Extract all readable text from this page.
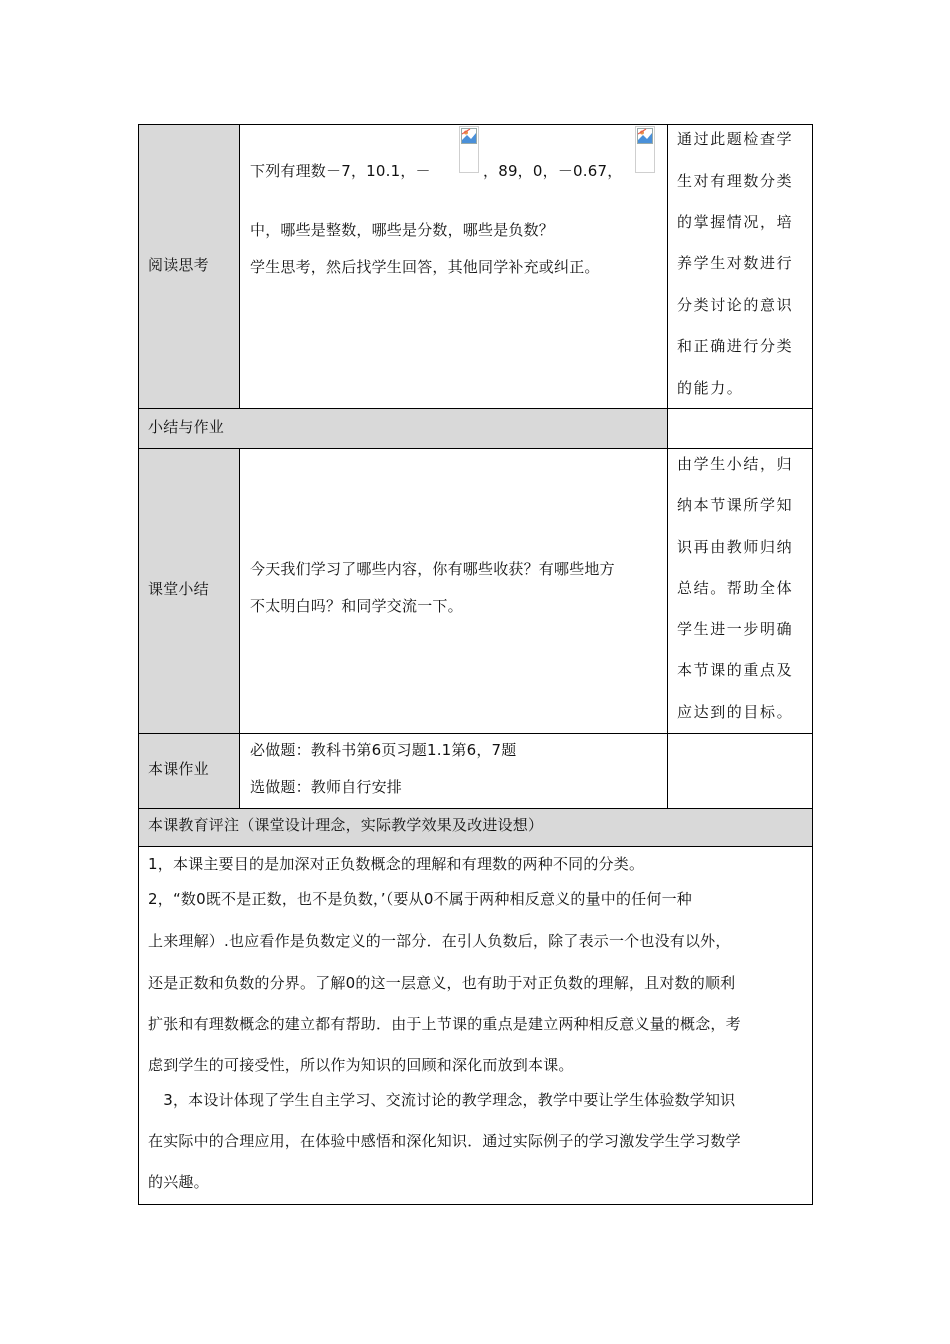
阅读思考
下列有理数－7，10.1，－	，89，0，－0.67，
中，哪些是整数，哪些是分数，哪些是负数？
学生思考，然后找学生回答，其他同学补充或纠正。
通过此题检查学
生对有理数分类
的掌握情况，培
养学生对数进行
分类讨论的意识
和正确进行分类
的能力。
小结与作业
课堂小结
今天我们学习了哪些内容，你有哪些收获？有哪些地方
不太明白吗？和同学交流一下。
由学生小结，归
纳本节课所学知
识再由教师归纳
总结。帮助全体
学生进一步明确
本节课的重点及
应达到的目标。
本课作业
必做题：教科书第6页习题1.1第6，7题
选做题：教师自行安排
本课教育评注（课堂设计理念，实际教学效果及改进设想）
1，本课主要目的是加深对正负数概念的理解和有理数的两种不同的分类。
2，“数0既不是正数，也不是负数，’（要从0不属于两种相反意义的量中的任何一种
上来理解）.也应看作是负数定义的一部分．在引人负数后，除了表示一个也没有以外，
还是正数和负数的分界。了解0的这一层意义，也有助于对正负数的理解，且对数的顺利
扩张和有理数概念的建立都有帮助．由于上节课的重点是建立两种相反意义量的概念，考
虑到学生的可接受性，所以作为知识的回顾和深化而放到本课。
　3，本设计体现了学生自主学习、交流讨论的教学理念，教学中要让学生体验数学知识
在实际中的合理应用，在体验中感悟和深化知识．通过实际例子的学习激发学生学习数学
的兴趣。
